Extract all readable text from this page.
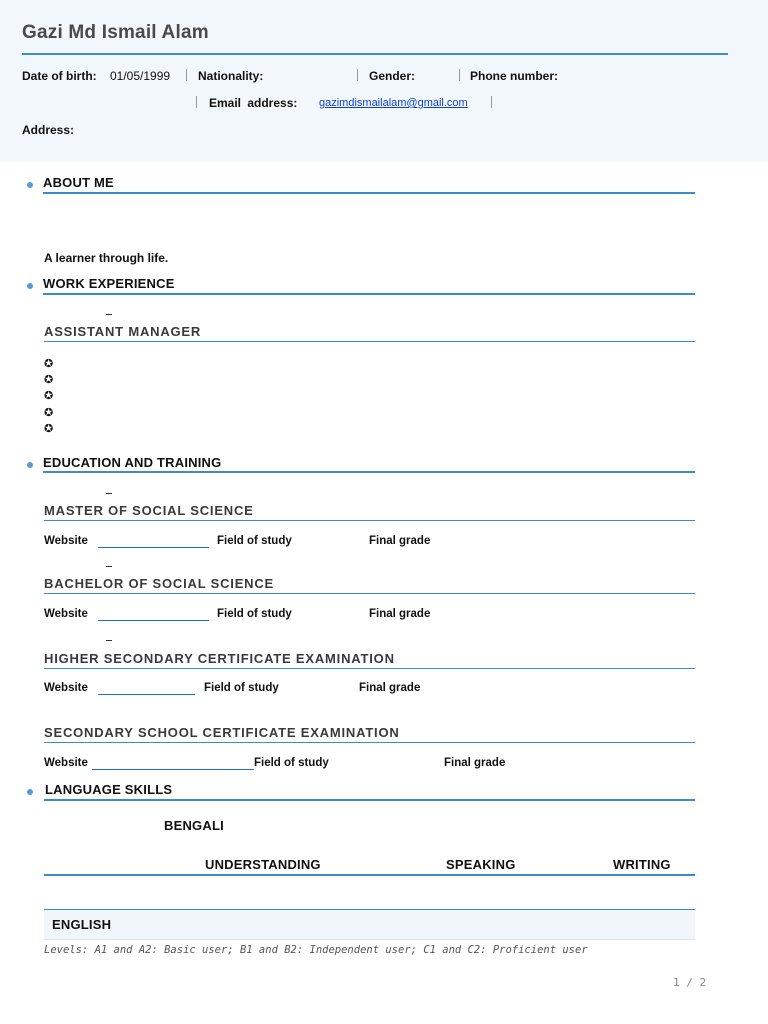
Gazi Md Ismail Alam
Date of birth: 01/05/1999 Nationality:	Gender:	Phone number:
Email address: gazimdismailalam@gmail.com
Address:
ABOUT ME
A learner through life.
WORK EXPERIENCE
ASSISTANT MANAGER
✪
✪
✪
✪
✪
EDUCATION AND TRAINING
MASTER OF SOCIAL SCIENCE
Website	Field of study	Final grade
BACHELOR OF SOCIAL SCIENCE
Website	Field of study	Final grade
HIGHER SECONDARY CERTIFICATE EXAMINATION
Website	Field of study	Final grade
SECONDARY SCHOOL CERTIFICATE EXAMINATION
Website	Field of study	Final grade
LANGUAGE SKILLS
BENGALI
UNDERSTANDING	SPEAKING	WRITING
ENGLISH
Levels: A1 and A2: Basic user; B1 and B2: Independent user; C1 and C2: Proficient user
1 / 2
